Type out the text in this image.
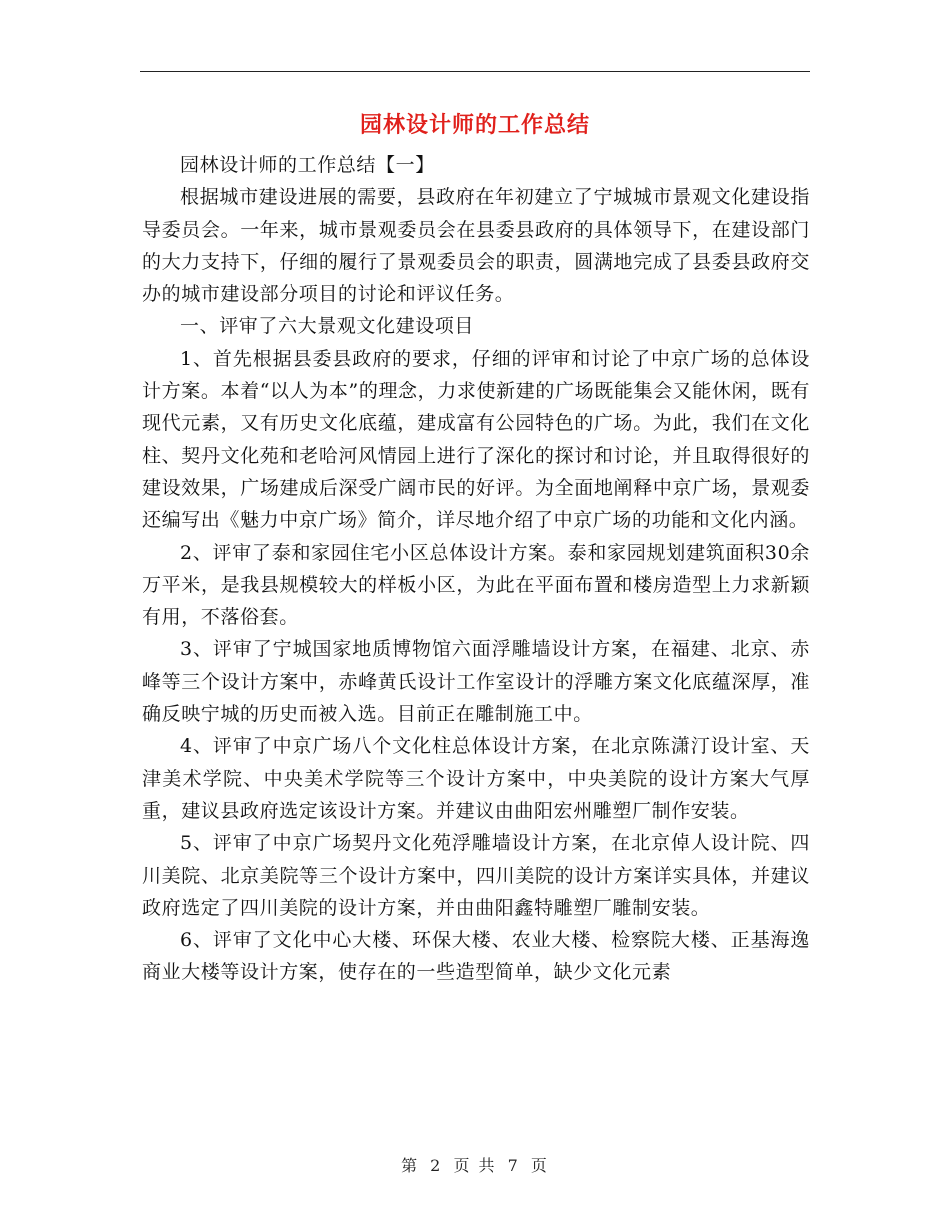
园林设计师的工作总结

园林设计师的工作总结【一】

根据城市建设进展的需要，县政府在年初建立了宁城城市景观文化建设指导委员会。一年来，城市景观委员会在县委县政府的具体领导下，在建设部门的大力支持下，仔细的履行了景观委员会的职责，圆满地完成了县委县政府交办的城市建设部分项目的讨论和评议任务。

一、评审了六大景观文化建设项目

1、首先根据县委县政府的要求，仔细的评审和讨论了中京广场的总体设计方案。本着“以人为本”的理念，力求使新建的广场既能集会又能休闲，既有现代元素，又有历史文化底蕴，建成富有公园特色的广场。为此，我们在文化柱、契丹文化苑和老哈河风情园上进行了深化的探讨和讨论，并且取得很好的建设效果，广场建成后深受广阔市民的好评。为全面地阐释中京广场，景观委还编写出《魅力中京广场》简介，详尽地介绍了中京广场的功能和文化内涵。

2、评审了泰和家园住宅小区总体设计方案。泰和家园规划建筑面积30余万平米，是我县规模较大的样板小区，为此在平面布置和楼房造型上力求新颖有用，不落俗套。

3、评审了宁城国家地质博物馆六面浮雕墙设计方案，在福建、北京、赤峰等三个设计方案中，赤峰黄氏设计工作室设计的浮雕方案文化底蕴深厚，准确反映宁城的历史而被入选。目前正在雕制施工中。

4、评审了中京广场八个文化柱总体设计方案，在北京陈潇汀设计室、天津美术学院、中央美术学院等三个设计方案中，中央美院的设计方案大气厚重，建议县政府选定该设计方案。并建议由曲阳宏州雕塑厂制作安装。

5、评审了中京广场契丹文化苑浮雕墙设计方案，在北京倬人设计院、四川美院、北京美院等三个设计方案中，四川美院的设计方案详实具体，并建议政府选定了四川美院的设计方案，并由曲阳鑫特雕塑厂雕制安装。

6、评审了文化中心大楼、环保大楼、农业大楼、检察院大楼、正基海逸商业大楼等设计方案，使存在的一些造型简单，缺少文化元素

第 2 页 共 7 页
